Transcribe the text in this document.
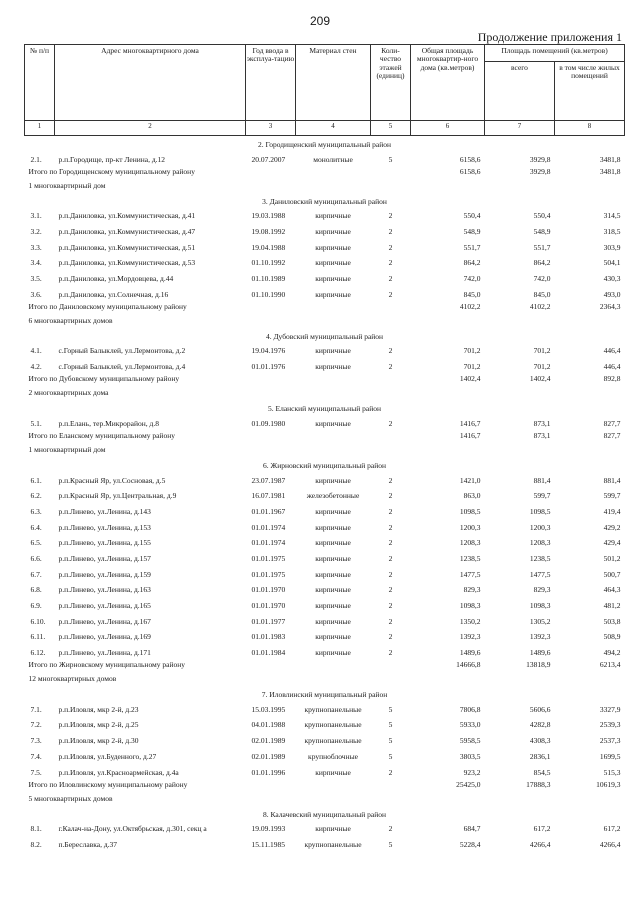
209
Продолжение приложения 1
№ п/п	Адрес многоквартирного дома	Год ввода в эксплуа-тацию	Материал стен	Коли-чество этажей (единиц)	Общая площадь многоквартир-ного дома (кв.метров)	Площадь помещений (кв.метров)	
						всего	в том числе жилых помещений
1	2	3	4	5	6	7	8

2. Городищенский муниципальный район							
2.1.	р.п.Городище, пр-кт Ленина, д.12	20.07.2007	монолитные	5	6158,6	3929,8	3481,8
Итого по Городищенскому муниципальному району					6158,6	3929,8	3481,8
1 многоквартирный дом							
3. Даниловский муниципальный район							
3.1.	р.п.Даниловка, ул.Коммунистическая, д.41	19.03.1988	кирпичные	2	550,4	550,4	314,5
3.2.	р.п.Даниловка, ул.Коммунистическая, д.47	19.08.1992	кирпичные	2	548,9	548,9	318,5
3.3.	р.п.Даниловка, ул.Коммунистическая, д.51	19.04.1988	кирпичные	2	551,7	551,7	303,9
3.4.	р.п.Даниловка, ул.Коммунистическая, д.53	01.10.1992	кирпичные	2	864,2	864,2	504,1
3.5.	р.п.Даниловка, ул.Мордовцева, д.44	01.10.1989	кирпичные	2	742,0	742,0	430,3
3.6.	р.п.Даниловка, ул.Солнечная, д.16	01.10.1990	кирпичные	2	845,0	845,0	493,0
Итого по Даниловскому муниципальному району					4102,2	4102,2	2364,3
6 многоквартирных домов							
4. Дубовский муниципальный район							
4.1.	с.Горный Балыклей, ул.Лермонтова, д.2	19.04.1976	кирпичные	2	701,2	701,2	446,4
4.2.	с.Горный Балыклей, ул.Лермонтова, д.4	01.01.1976	кирпичные	2	701,2	701,2	446,4
Итого по Дубовскому муниципальному району					1402,4	1402,4	892,8
2 многоквартирных дома							
5. Еланский муниципальный район							
5.1.	р.п.Елань, тер.Микрорайон, д.8	01.09.1980	кирпичные	2	1416,7	873,1	827,7
Итого по Еланскому муниципальному району					1416,7	873,1	827,7
1 многоквартирный дом							
6. Жирновский муниципальный район							
6.1.	р.п.Красный Яр, ул.Сосновая, д.5	23.07.1987	кирпичные	2	1421,0	881,4	881,4
6.2.	р.п.Красный Яр, ул.Центральная, д.9	16.07.1981	железобетонные	2	863,0	599,7	599,7
6.3.	р.п.Линево, ул.Ленина, д.143	01.01.1967	кирпичные	2	1098,5	1098,5	419,4
6.4.	р.п.Линево, ул.Ленина, д.153	01.01.1974	кирпичные	2	1200,3	1200,3	429,2
6.5.	р.п.Линево, ул.Ленина, д.155	01.01.1974	кирпичные	2	1208,3	1208,3	429,4
6.6.	р.п.Линево, ул.Ленина, д.157	01.01.1975	кирпичные	2	1238,5	1238,5	501,2
6.7.	р.п.Линево, ул.Ленина, д.159	01.01.1975	кирпичные	2	1477,5	1477,5	500,7
6.8.	р.п.Линево, ул.Ленина, д.163	01.01.1970	кирпичные	2	829,3	829,3	464,3
6.9.	р.п.Линево, ул.Ленина, д.165	01.01.1970	кирпичные	2	1098,3	1098,3	481,2
6.10.	р.п.Линево, ул.Ленина, д.167	01.01.1977	кирпичные	2	1350,2	1305,2	503,8
6.11.	р.п.Линево, ул.Ленина, д.169	01.01.1983	кирпичные	2	1392,3	1392,3	508,9
6.12.	р.п.Линево, ул.Ленина, д.171	01.01.1984	кирпичные	2	1489,6	1489,6	494,2
Итого по Жирновскому муниципальному району					14666,8	13818,9	6213,4
12 многоквартирных домов							
7. Иловлинский муниципальный район							
7.1.	р.п.Иловля, мкр 2-й, д.23	15.03.1995	крупнопанельные	5	7806,8	5606,6	3327,9
7.2.	р.п.Иловля, мкр 2-й, д.25	04.01.1988	крупнопанельные	5	5933,0	4282,8	2539,3
7.3.	р.п.Иловля, мкр 2-й, д.30	02.01.1989	крупнопанельные	5	5958,5	4308,3	2537,3
7.4.	р.п.Иловля, ул.Буденного, д.27	02.01.1989	крупноблочные	5	3803,5	2836,1	1699,5
7.5.	р.п.Иловля, ул.Красноармейская, д.4а	01.01.1996	кирпичные	2	923,2	854,5	515,3
Итого по Иловлинскому муниципальному району					25425,0	17888,3	10619,3
5 многоквартирных домов							
8. Калачевский муниципальный район							
8.1.	г.Калач-на-Дону, ул.Октябрьская, д.301, секц а	19.09.1993	кирпичные	2	684,7	617,2	617,2
8.2.	п.Береславка, д.37	15.11.1985	крупнопанельные	5	5228,4	4266,4	4266,4
